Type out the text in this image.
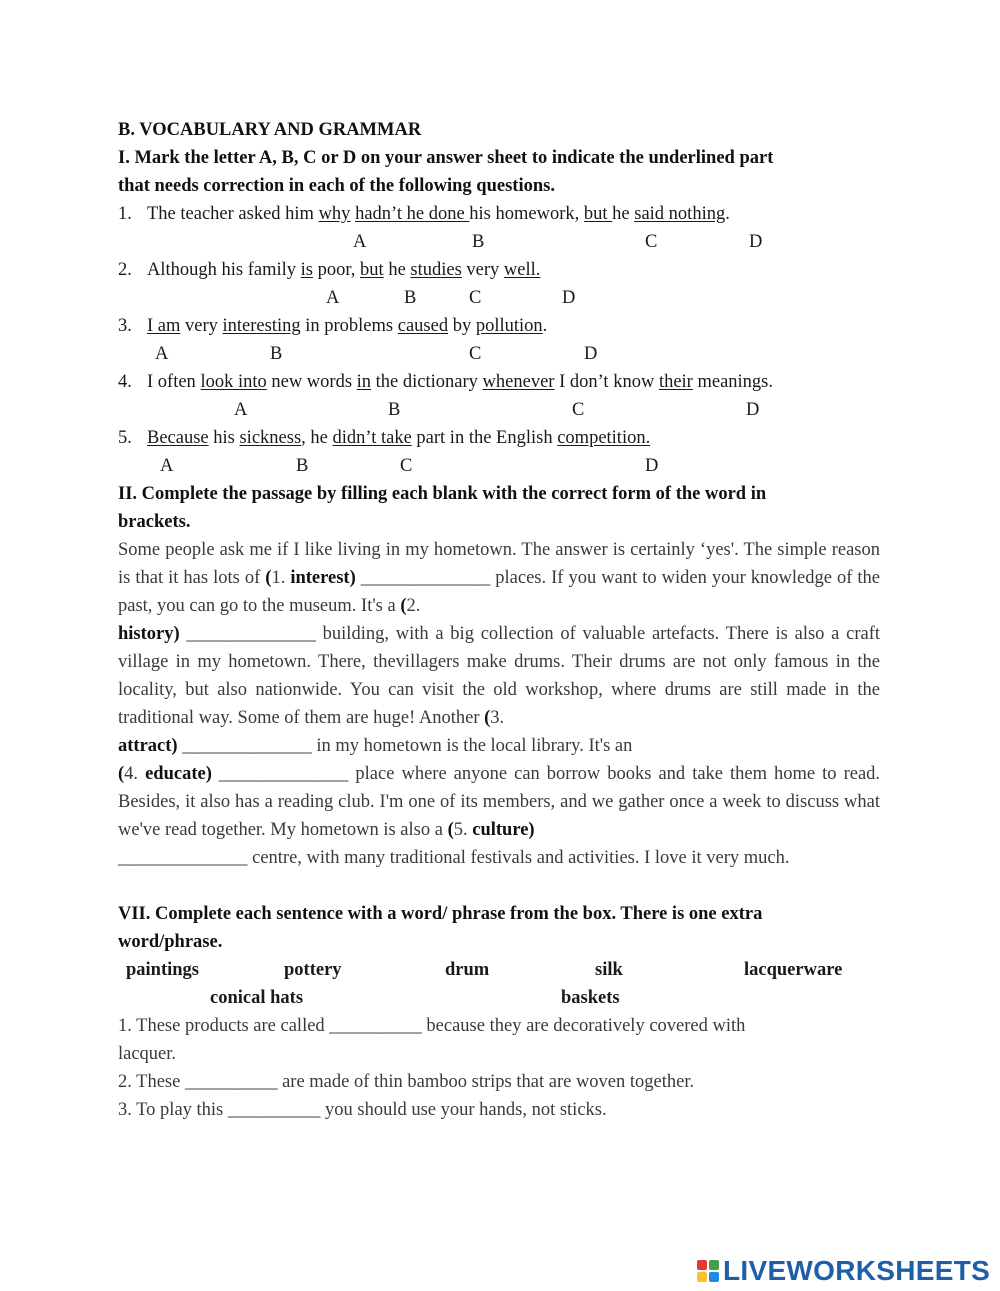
B. VOCABULARY AND GRAMMAR
I. Mark the letter A, B, C or D on your answer sheet to indicate the underlined part
that needs correction in each of the following questions.
1. The teacher asked him why hadn’t he done his homework, but he said nothing.
A	B	C	D
2. Although his family is poor, but he studies very well.
A	B	C	D
3. I am very interesting in problems caused by pollution.
A	B	C	D
4. I often look into new words in the dictionary whenever I don’t know their meanings.
A	B	C	D
5. Because his sickness, he didn’t take part in the English competition.
A	B	C	D
II. Complete the passage by filling each blank with the correct form of the word in
brackets.
Some people ask me if I like living in my hometown. The answer is certainly ‘yes'. The simple reason is that it has lots of (1. interest) ______________ places. If you want to widen your knowledge of the past, you can go to the museum. It's a (2.
history) ______________ building, with a big collection of valuable artefacts. There is also a craft village in my hometown. There, thevillagers make drums. Their drums are not only famous in the locality, but also nationwide. You can visit the old workshop, where drums are still made in the traditional way. Some of them are huge! Another (3.
attract) ______________ in my hometown is the local library. It's an
(4. educate) ______________ place where anyone can borrow books and take them home to read. Besides, it also has a reading club. I'm one of its members, and we gather once a week to discuss what we've read together. My hometown is also a (5. culture)
______________ centre, with many traditional festivals and activities. I love it very much.
VII. Complete each sentence with a word/ phrase from the box. There is one extra
word/phrase.
paintings	pottery	drum	silk	lacquerware
conical hats	baskets
1. These products are called __________ because they are decoratively covered with
lacquer.
2. These __________ are made of thin bamboo strips that are woven together.
3. To play this __________ you should use your hands, not sticks.
LIVEWORKSHEETS
